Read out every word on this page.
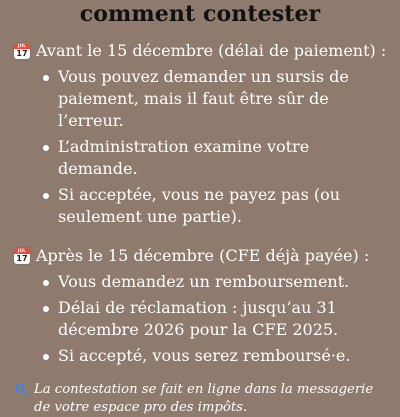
comment contester
JUL
17 Avant le 15 décembre (délai de paiement) :
Vous pouvez demander un sursis de paiement, mais il faut être sûr de l’erreur.
L’administration examine votre demande.
Si acceptée, vous ne payez pas (ou seulement une partie).
JUL
17 Après le 15 décembre (CFE déjà payée) :
Vous demandez un remboursement.
Délai de réclamation : jusqu’au 31 décembre 2026 pour la CFE 2025.
Si accepté, vous serez remboursé·e.
La contestation se fait en ligne dans la messagerie de votre espace pro des impôts.
